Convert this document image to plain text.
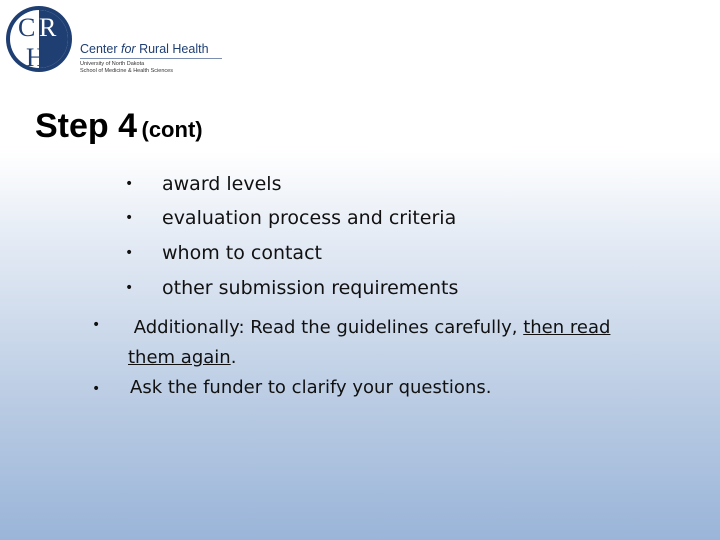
C R
H	Center for Rural Health
University of North Dakota
School of Medicine & Health Sciences
Step 4 (cont)
• award levels
• evaluation process and criteria
• whom to contact
• other submission requirements
•	Additionally: Read the guidelines carefully, then read
them again.
• Ask the funder to clarify your questions.
